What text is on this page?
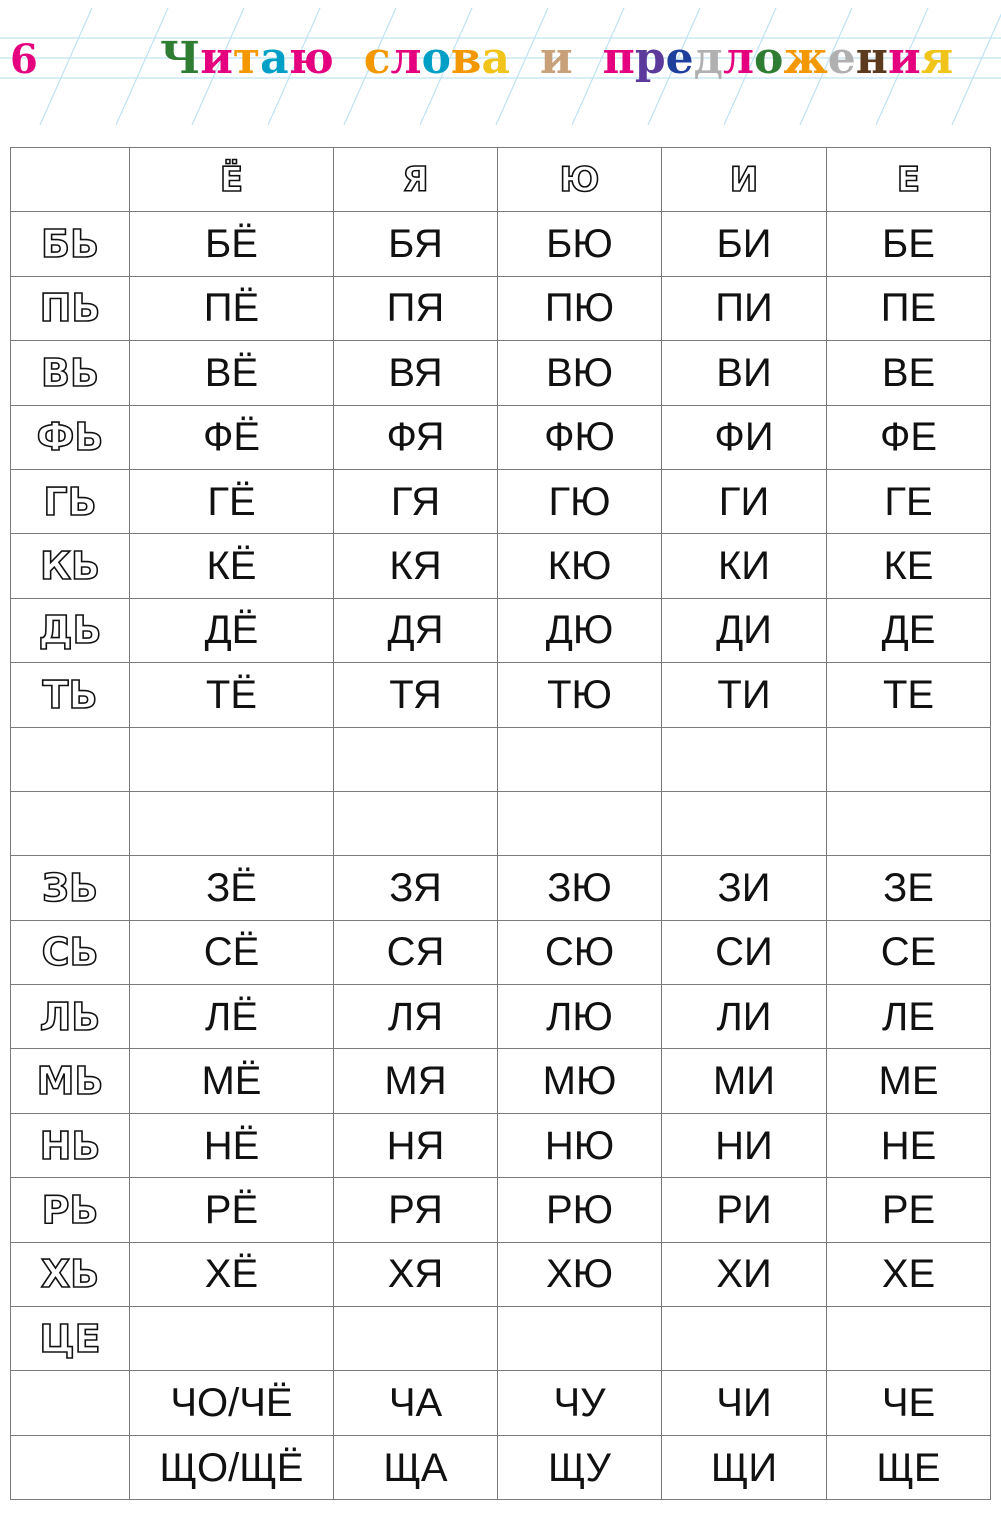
6	Читаю слова и предложения
	Ё	Я	Ю	И	Е
БЬ	БЁ	БЯ	БЮ	БИ	БЕ
ПЬ	ПЁ	ПЯ	ПЮ	ПИ	ПЕ
ВЬ	ВЁ	ВЯ	ВЮ	ВИ	ВЕ
ФЬ	ФЁ	ФЯ	ФЮ	ФИ	ФЕ
ГЬ	ГЁ	ГЯ	ГЮ	ГИ	ГЕ
КЬ	КЁ	КЯ	КЮ	КИ	КЕ
ДЬ	ДЁ	ДЯ	ДЮ	ДИ	ДЕ
ТЬ	ТЁ	ТЯ	ТЮ	ТИ	ТЕ

ЗЬ	ЗЁ	ЗЯ	ЗЮ	ЗИ	ЗЕ
СЬ	СЁ	СЯ	СЮ	СИ	СЕ
ЛЬ	ЛЁ	ЛЯ	ЛЮ	ЛИ	ЛЕ
МЬ	МЁ	МЯ	МЮ	МИ	МЕ
НЬ	НЁ	НЯ	НЮ	НИ	НЕ
РЬ	РЁ	РЯ	РЮ	РИ	РЕ
ХЬ	ХЁ	ХЯ	ХЮ	ХИ	ХЕ
ЦЕ					
	ЧО/ЧЁ	ЧА	ЧУ	ЧИ	ЧЕ
	ЩО/ЩЁ	ЩА	ЩУ	ЩИ	ЩЕ
